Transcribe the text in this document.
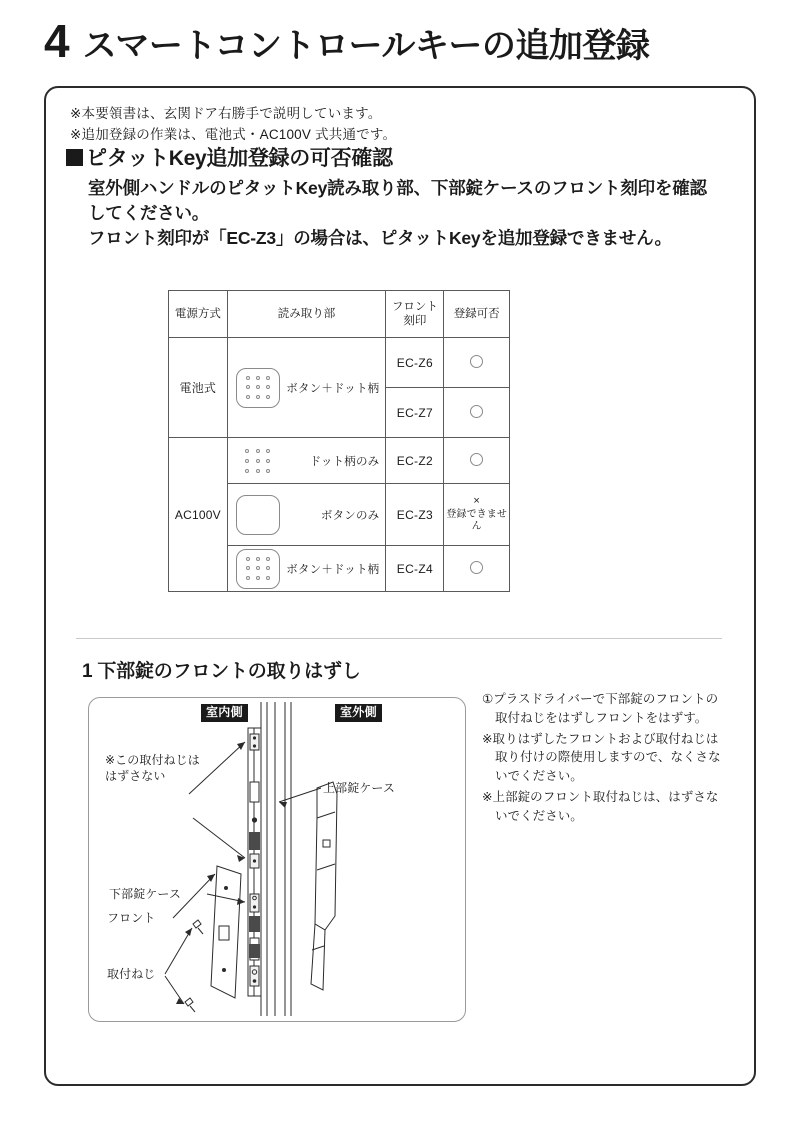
4 スマートコントロールキーの追加登録
※本要領書は、玄関ドア右勝手で説明しています。
※追加登録の作業は、電池式・AC100V 式共通です。
ピタットKey追加登録の可否確認
室外側ハンドルのピタットKey読み取り部、下部錠ケースのフロント刻印を確認してください。
フロント刻印が「EC-Z3」の場合は、ピタットKeyを追加登録できません。
電源方式	読み取り部	フロント刻印	登録可否
電池式	ボタン＋ドット柄	EC-Z6	
		EC-Z7	
AC100V	ドット柄のみ	EC-Z2	

	ボタンのみ	EC-Z3	×
登録できません

	ボタン＋ドット柄	EC-Z4	
1 下部錠のフロントの取りはずし
室内側	室外側
※この取付ねじは
はずさない
上部錠ケース
下部錠ケース
フロント
取付ねじ

①プラスドライバーで下部錠のフロントの取付ねじをはずしフロントをはずす。

※取りはずしたフロントおよび取付ねじは取り付けの際使用しますので、なくさないでください。

※上部錠のフロント取付ねじは、はずさないでください。
